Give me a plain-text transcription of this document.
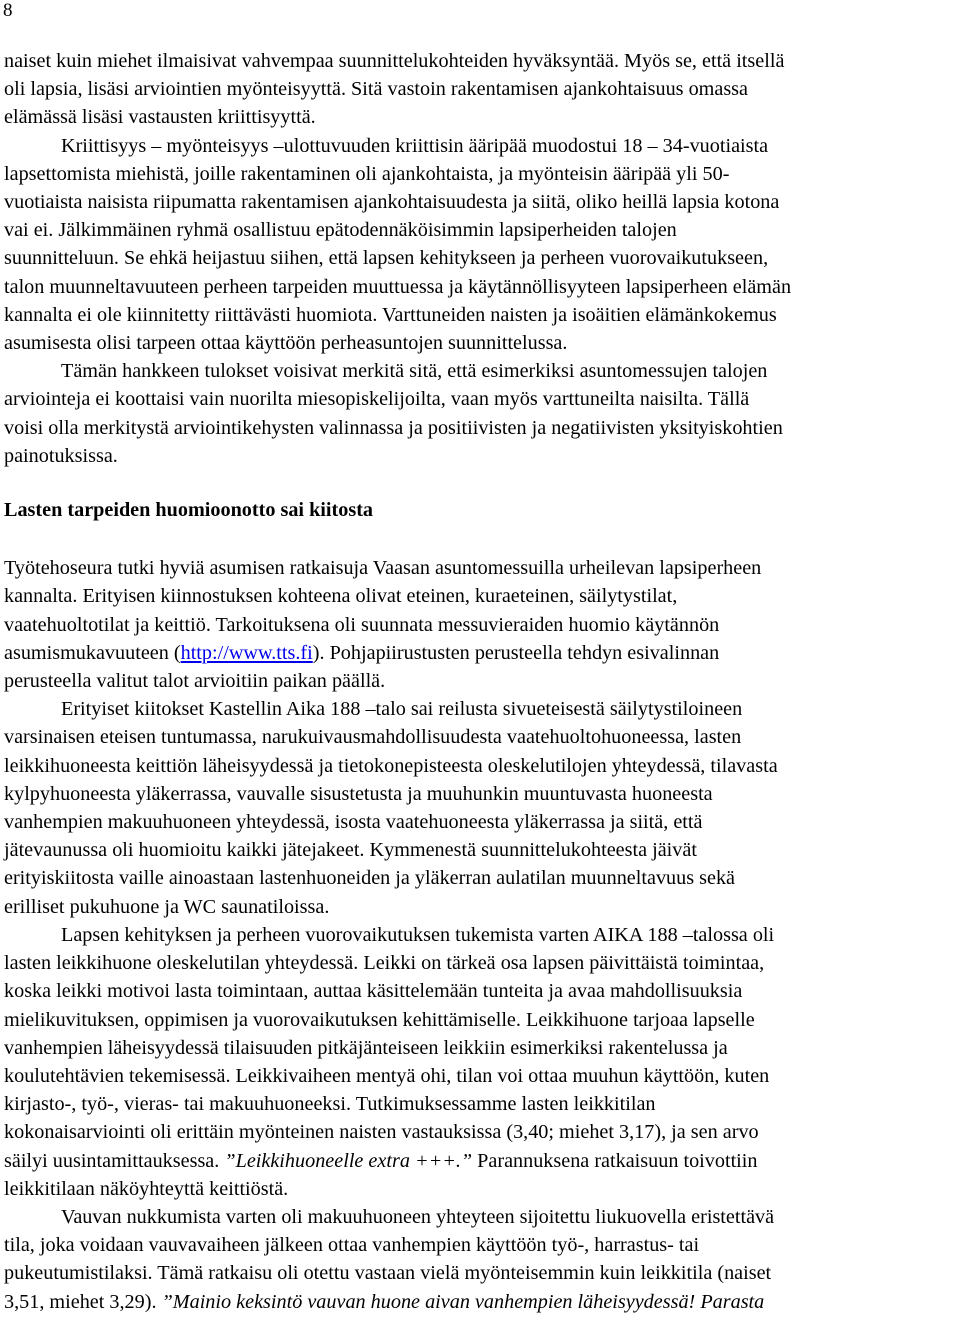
8

naiset kuin miehet ilmaisivat vahvempaa suunnittelukohteiden hyväksyntää. Myös se, että itsellä

oli lapsia, lisäsi arviointien myönteisyyttä. Sitä vastoin rakentamisen ajankohtaisuus omassa

elämässä lisäsi vastausten kriittisyyttä.

Kriittisyys – myönteisyys –ulottuvuuden kriittisin ääripää muodostui 18 – 34-vuotiaista

lapsettomista miehistä, joille rakentaminen oli ajankohtaista, ja myönteisin ääripää yli 50-

vuotiaista naisista riipumatta rakentamisen ajankohtaisuudesta ja siitä, oliko heillä lapsia kotona

vai ei. Jälkimmäinen ryhmä osallistuu epätodennäköisimmin lapsiperheiden talojen

suunnitteluun. Se ehkä heijastuu siihen, että lapsen kehitykseen ja perheen vuorovaikutukseen,

talon muunneltavuuteen perheen tarpeiden muuttuessa ja käytännöllisyyteen lapsiperheen elämän

kannalta ei ole kiinnitetty riittävästi huomiota. Varttuneiden naisten ja isoäitien elämänkokemus

asumisesta olisi tarpeen ottaa käyttöön perheasuntojen suunnittelussa.

Tämän hankkeen tulokset voisivat merkitä sitä, että esimerkiksi asuntomessujen talojen

arviointeja ei koottaisi vain nuorilta miesopiskelijoilta, vaan myös varttuneilta naisilta. Tällä

voisi olla merkitystä arviointikehysten valinnassa ja positiivisten ja negatiivisten yksityiskohtien

painotuksissa.

Lasten tarpeiden huomioonotto sai kiitosta

Työtehoseura tutki hyviä asumisen ratkaisuja Vaasan asuntomessuilla urheilevan lapsiperheen

kannalta. Erityisen kiinnostuksen kohteena olivat eteinen, kuraeteinen, säilytystilat,

vaatehuoltotilat ja keittiö. Tarkoituksena oli suunnata messuvieraiden huomio käytännön

asumismukavuuteen (http://www.tts.fi). Pohjapiirustusten perusteella tehdyn esivalinnan

perusteella valitut talot arvioitiin paikan päällä.

Erityiset kiitokset Kastellin Aika 188 –talo sai reilusta sivueteisestä säilytystiloineen

varsinaisen eteisen tuntumassa, narukuivausmahdollisuudesta vaatehuoltohuoneessa, lasten

leikkihuoneesta keittiön läheisyydessä ja tietokonepisteesta oleskelutilojen yhteydessä, tilavasta

kylpyhuoneesta yläkerrassa, vauvalle sisustetusta ja muuhunkin muuntuvasta huoneesta

vanhempien makuuhuoneen yhteydessä, isosta vaatehuoneesta yläkerrassa ja siitä, että

jätevaunussa oli huomioitu kaikki jätejakeet. Kymmenestä suunnittelukohteesta jäivät

erityiskiitosta vaille ainoastaan lastenhuoneiden ja yläkerran aulatilan muunneltavuus sekä

erilliset pukuhuone ja WC saunatiloissa.

Lapsen kehityksen ja perheen vuorovaikutuksen tukemista varten AIKA 188 –talossa oli

lasten leikkihuone oleskelutilan yhteydessä. Leikki on tärkeä osa lapsen päivittäistä toimintaa,

koska leikki motivoi lasta toimintaan, auttaa käsittelemään tunteita ja avaa mahdollisuuksia

mielikuvituksen, oppimisen ja vuorovaikutuksen kehittämiselle. Leikkihuone tarjoaa lapselle

vanhempien läheisyydessä tilaisuuden pitkäjänteiseen leikkiin esimerkiksi rakentelussa ja

koulutehtävien tekemisessä. Leikkivaiheen mentyä ohi, tilan voi ottaa muuhun käyttöön, kuten

kirjasto-, työ-, vieras- tai makuuhuoneeksi. Tutkimuksessamme lasten leikkitilan

kokonaisarviointi oli erittäin myönteinen naisten vastauksissa (3,40; miehet 3,17), ja sen arvo

säilyi uusintamittauksessa. ”Leikkihuoneelle extra +++.” Parannuksena ratkaisuun toivottiin

leikkitilaan näköyhteyttä keittiöstä.

Vauvan nukkumista varten oli makuuhuoneen yhteyteen sijoitettu liukuovella eristettävä

tila, joka voidaan vauvavaiheen jälkeen ottaa vanhempien käyttöön työ-, harrastus- tai

pukeutumistilaksi. Tämä ratkaisu oli otettu vastaan vielä myönteisemmin kuin leikkitila (naiset

3,51, miehet 3,29). ”Mainio keksintö vauvan huone aivan vanhempien läheisyydessä! Parasta
